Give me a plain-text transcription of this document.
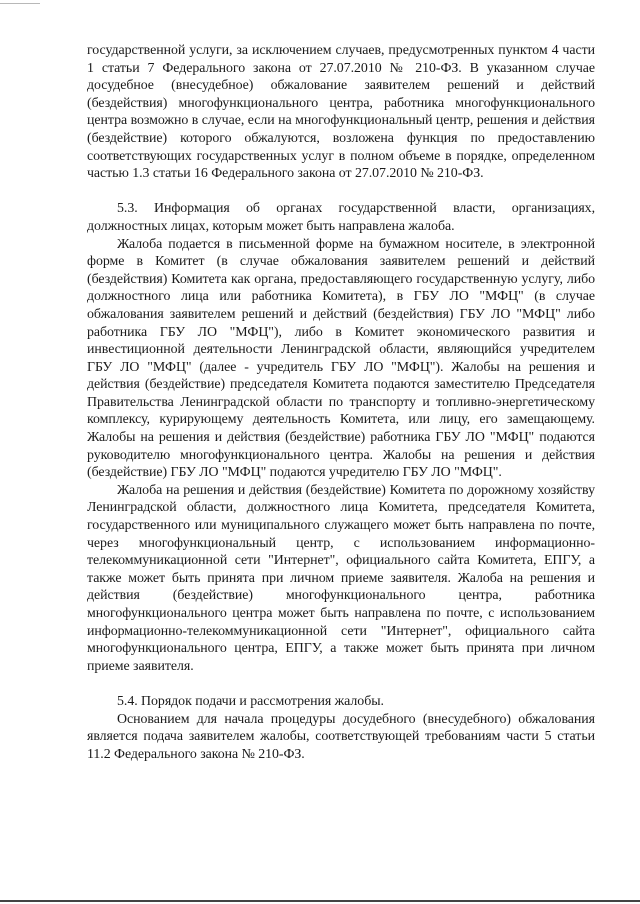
государственной услуги, за исключением случаев, предусмотренных пунктом 4 части 1 статьи 7 Федерального закона от 27.07.2010 № 210-ФЗ. В указанном случае досудебное (внесудебное) обжалование заявителем решений и действий (бездействия) многофункционального центра, работника многофункционального центра возможно в случае, если на многофункциональный центр, решения и действия (бездействие) которого обжалуются, возложена функция по предоставлению соответствующих государственных услуг в полном объеме в порядке, определенном частью 1.3 статьи 16 Федерального закона от 27.07.2010 № 210-ФЗ.

5.3. Информация об органах государственной власти, организациях, должностных лицах, которым может быть направлена жалоба.

Жалоба подается в письменной форме на бумажном носителе, в электронной форме в Комитет (в случае обжалования заявителем решений и действий (бездействия) Комитета как органа, предоставляющего государственную услугу, либо должностного лица или работника Комитета), в ГБУ ЛО "МФЦ" (в случае обжалования заявителем решений и действий (бездействия) ГБУ ЛО "МФЦ" либо работника ГБУ ЛО "МФЦ"), либо в Комитет экономического развития и инвестиционной деятельности Ленинградской области, являющийся учредителем ГБУ ЛО "МФЦ" (далее - учредитель ГБУ ЛО "МФЦ"). Жалобы на решения и действия (бездействие) председателя Комитета подаются заместителю Председателя Правительства Ленинградской области по транспорту и топливно-энергетическому комплексу, курирующему деятельность Комитета, или лицу, его замещающему. Жалобы на решения и действия (бездействие) работника ГБУ ЛО "МФЦ" подаются руководителю многофункционального центра. Жалобы на решения и действия (бездействие) ГБУ ЛО "МФЦ" подаются учредителю ГБУ ЛО "МФЦ".

Жалоба на решения и действия (бездействие) Комитета по дорожному хозяйству Ленинградской области, должностного лица Комитета, председателя Комитета, государственного или муниципального служащего может быть направлена по почте, через многофункциональный центр, с использованием информационно-телекоммуникационной сети "Интернет", официального сайта Комитета, ЕПГУ, а также может быть принята при личном приеме заявителя. Жалоба на решения и действия (бездействие) многофункционального центра, работника многофункционального центра может быть направлена по почте, с использованием информационно-телекоммуникационной сети "Интернет", официального сайта многофункционального центра, ЕПГУ, а также может быть принята при личном приеме заявителя.

5.4. Порядок подачи и рассмотрения жалобы.

Основанием для начала процедуры досудебного (внесудебного) обжалования является подача заявителем жалобы, соответствующей требованиям части 5 статьи 11.2 Федерального закона № 210-ФЗ.
